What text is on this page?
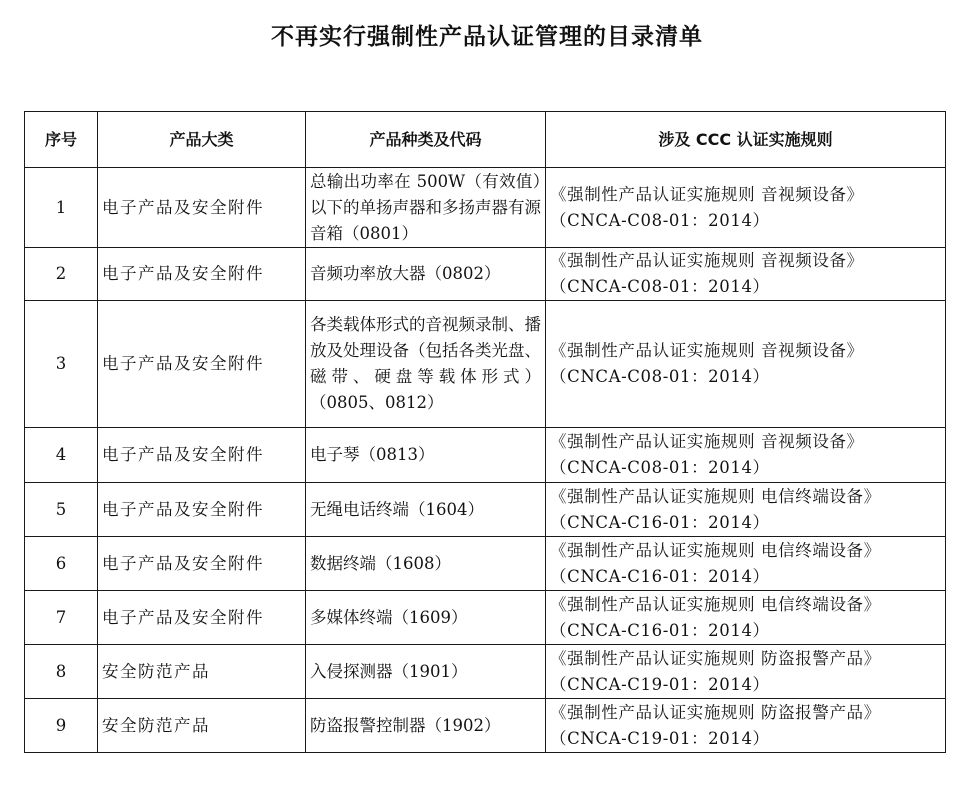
不再实行强制性产品认证管理的目录清单
序号	产品大类	产品种类及代码	涉及 CCC 认证实施规则
1	电子产品及安全附件	总输出功率在 500W（有效值）以下的单扬声器和多扬声器有源音箱（0801）	《强制性产品认证实施规则 音视频设备》
（CNCA-C08-01：2014）

2	电子产品及安全附件	音频功率放大器（0802）	《强制性产品认证实施规则 音视频设备》
（CNCA-C08-01：2014）

3	电子产品及安全附件	各类载体形式的音视频录制、播放及处理设备（包括各类光盘、磁带、硬盘等载体形式）（0805、0812）	《强制性产品认证实施规则 音视频设备》
（CNCA-C08-01：2014）

4	电子产品及安全附件	电子琴（0813）	《强制性产品认证实施规则 音视频设备》
（CNCA-C08-01：2014）

5	电子产品及安全附件	无绳电话终端（1604）	《强制性产品认证实施规则 电信终端设备》
（CNCA-C16-01：2014）

6	电子产品及安全附件	数据终端（1608）	《强制性产品认证实施规则 电信终端设备》
（CNCA-C16-01：2014）

7	电子产品及安全附件	多媒体终端（1609）	《强制性产品认证实施规则 电信终端设备》
（CNCA-C16-01：2014）

8	安全防范产品	入侵探测器（1901）	《强制性产品认证实施规则 防盗报警产品》
（CNCA-C19-01：2014）

9	安全防范产品	防盗报警控制器（1902）	《强制性产品认证实施规则 防盗报警产品》
（CNCA-C19-01：2014）
